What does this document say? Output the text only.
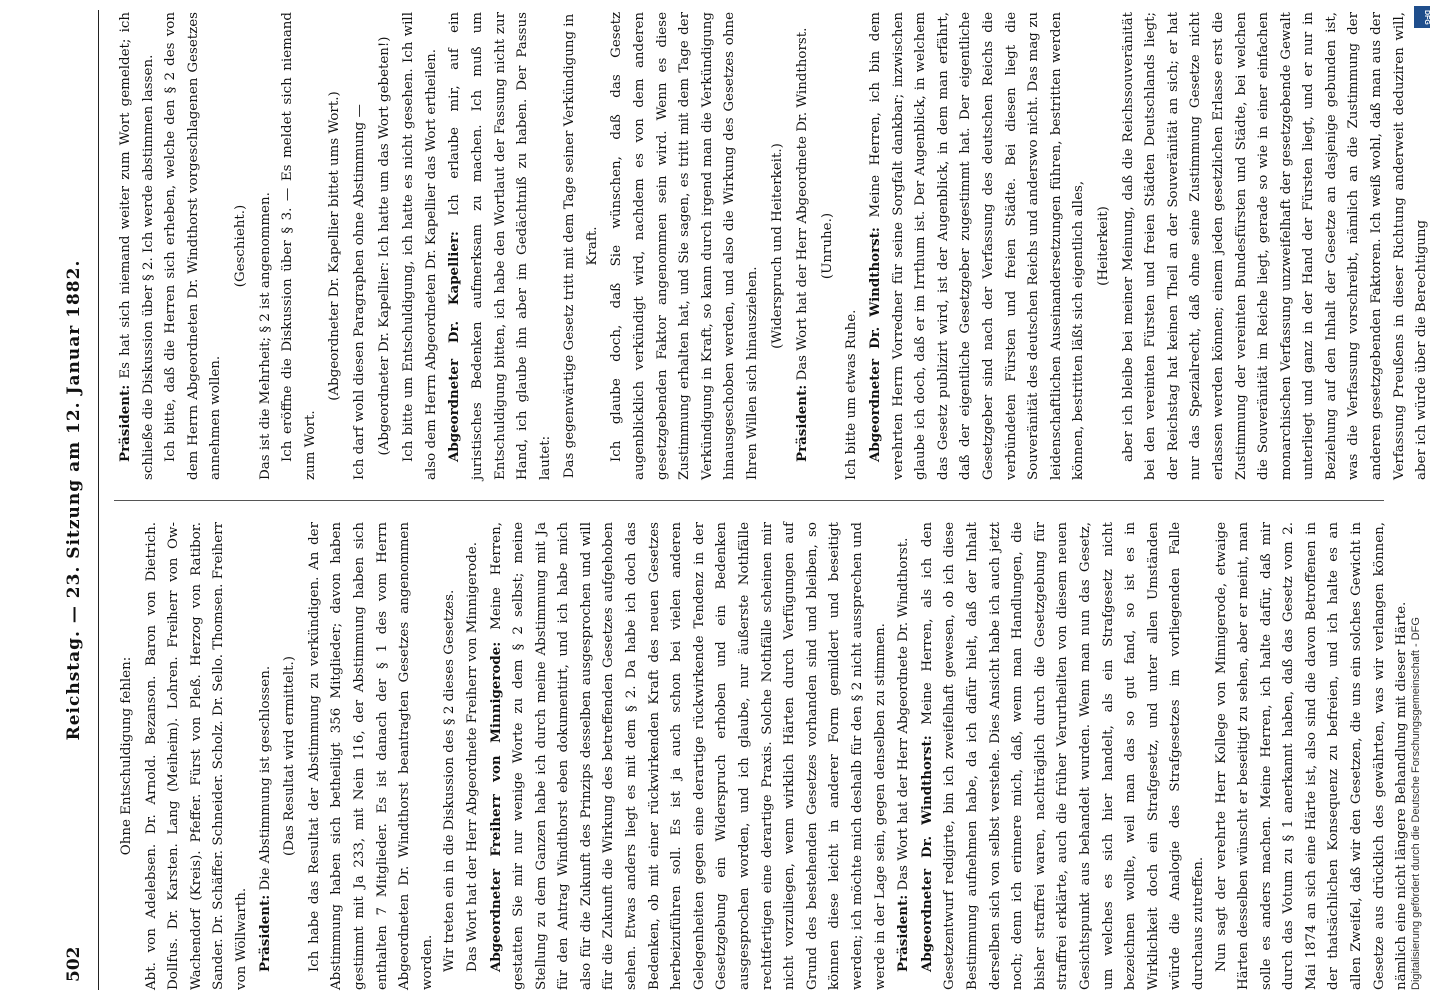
502
Reichstag. — 23. Sitzung am 12. Januar 1882.
Ohne Entschuldigung fehlen: Abt. von Adelebsen. Dr. Arnold. Bezanson. Baron von Dietrich. Dollfus. Dr. Karsten. Lang (Meiheim). Lohren. Freiherr von Ow-Wachendorf (Kreis). Pfeffer. Fürst von Pleß. Herzog von Ratibor. Sander. Dr. Schäffer. Schneider. Scholz. Dr. Sello. Thomsen. Freiherr von Wöllwarth. Präsident: Die Abstimmung ist geschlossen. (Das Resultat wird ermittelt.) Ich habe das Resultat der Abstimmung zu verkündigen. An der Abstimmung haben sich betheiligt 356 Mitglieder; davon haben gestimmt mit Ja 233, mit Nein 116, der Abstimmung haben sich enthalten 7 Mitglieder. Es ist danach der § 1 des vom Herrn Abgeordneten Dr. Windthorst beantragten Gesetzes angenommen worden. Wir treten ein in die Diskussion des § 2 dieses Gesetzes. Das Wort hat der Herr Abgeordnete Freiherr von Minnigerode. Abgeordneter Freiherr von Minnigerode: Meine Herren, gestatten Sie mir nur wenige Worte zu dem § 2 selbst; meine Stellung zu dem Ganzen habe ich durch meine Abstimmung mit Ja für den Antrag Windthorst eben dokumentirt, und ich habe mich also für die Zukunft des Prinzips desselben ausgesprochen und will für die Zukunft die Wirkung des betreffenden Gesetzes aufgehoben sehen. Etwas anders liegt es mit dem § 2. Da habe ich doch das Bedenken, ob mit einer rückwirkenden Kraft des neuen Gesetzes herbeizuführen soll. Es ist ja auch schon bei vielen anderen Gelegenheiten gegen eine derartige rückwirkende Tendenz in der Gesetzgebung ein Widerspruch erhoben und ein Bedenken ausgesprochen worden, und ich glaube, nur äußerste Nothfälle rechtfertigen eine derartige Praxis. Solche Nothfälle scheinen mir nicht vorzuliegen, wenn wirklich Härten durch Verfügungen auf Grund des bestehenden Gesetzes vorhanden sind und bleiben, so können diese leicht in anderer Form gemildert und beseitigt werden; ich möchte mich deshalb für den § 2 nicht aussprechen und werde in der Lage sein, gegen denselben zu stimmen. Präsident: Das Wort hat der Herr Abgeordnete Dr. Windthorst. Abgeordneter Dr. Windthorst: Meine Herren, als ich den Gesetzentwurf redigirte, bin ich zweifelhaft gewesen, ob ich diese Bestimmung aufnehmen habe, da ich dafür hielt, daß der Inhalt derselben sich von selbst verstehe. Dies Ansicht habe ich auch jetzt noch; denn ich erinnere mich, daß, wenn man Handlungen, die bisher straffrei waren, nachträglich durch die Gesetzgebung für straffrei erklärte, auch die früher Verurtheilten von diesem neuen Gesichtspunkt aus behandelt wurden. Wenn man nun das Gesetz, um welches es sich hier handelt, als ein Strafgesetz nicht bezeichnen wollte, weil man das so gut fand, so ist es in Wirklichkeit doch ein Strafgesetz, und unter allen Umständen würde die Analogie des Strafgesetzes im vorliegenden Falle durchaus zutreffen. Nun sagt der verehrte Herr Kollege von Minnigerode, etwaige Härten desselben wünscht er beseitigt zu sehen, aber er meint, man solle es anders machen. Meine Herren, ich halte dafür, daß mir durch das Votum zu § 1 anerkannt haben, daß das Gesetz vom 2. Mai 1874 an sich eine Härte ist, also sind die davon Betroffenen in der thatsächlichen Konsequenz zu befreien, und ich halte es an allen Zweifel, daß wir den Gesetzen, die uns ein solches Gewicht in Gesetze aus drücklich des gewährten, was wir verlangen können, nämlich eine nicht längere Behandlung mit dieser Härte.

Präsident: Es hat sich niemand weiter zum Wort gemeldet; ich schließe die Diskussion über § 2. Ich werde abstimmen lassen. Ich bitte, daß die Herren sich erheben, welche den § 2 des von dem Herrn Abgeordneten Dr. Windthorst vorgeschlagenen Gesetzes annehmen wollen.

(Geschieht.) Das ist die Mehrheit; § 2 ist angenommen. Ich eröffne die Diskussion über § 3. — Es meldet sich niemand zum Wort.

(Abgeordneter Dr. Kapellier bittet ums Wort.) Ich darf wohl diesen Paragraphen ohne Abstimmung — (Abgeordneter Dr. Kapellier: Ich hatte um das Wort gebeten!) Ich bitte um Entschuldigung, ich hatte es nicht gesehen. Ich will also dem Herrn Abgeordneten Dr. Kapellier das Wort ertheilen. Abgeordneter Dr. Kapellier: Ich erlaube mir, auf ein juristisches Bedenken aufmerksam zu machen. Ich muß um Entschuldigung bitten, ich habe den Wortlaut der Fassung nicht zur Hand, ich glaube ihn aber im Gedächtniß zu haben. Der Passus lautet: Das gegenwärtige Gesetz tritt mit dem Tage seiner Verkündigung in Kraft. Ich glaube doch, daß Sie wünschen, daß das Gesetz augenblicklich verkündigt wird, nachdem es von dem anderen gesetzgebenden Faktor angenommen sein wird. Wenn es diese Zustimmung erhalten hat, und Sie sagen, es tritt mit dem Tage der Verkündigung in Kraft, so kann durch irgend man die Verkündigung hinausgeschoben werden, und also die Wirkung des Gesetzes ohne Ihren Willen sich hinausziehen.

(Widerspruch und Heiterkeit.)

Präsident: Das Wort hat der Herr Abgeordnete Dr. Windthorst. (Unruhe.)

Ich bitte um etwas Ruhe. Abgeordneter Dr. Windthorst: Meine Herren, ich bin dem verehrten Herrn Vorredner für seine Sorgfalt dankbar; inzwischen glaube ich doch, daß er im Irrthum ist. Der Augenblick, in welchem das Gesetz publizirt wird, ist der Augenblick, in dem man erfährt, daß der eigentliche Gesetzgeber zugestimmt hat. Der eigentliche Gesetzgeber sind nach der Verfassung des deutschen Reichs die verbündeten Fürsten und freien Städte. Bei diesen liegt die Souveränität des deutschen Reichs und anderswo nicht. Das mag zu leidenschaftlichen Auseinandersetzungen führen, bestritten werden können, bestritten läßt sich eigentlich alles, (Heiterkeit) aber ich bleibe bei meiner Meinung, daß die Reichssouveränität bei den vereinten Fürsten und freien Städten Deutschlands liegt; der Reichstag hat keinen Theil an der Souveränität an sich; er hat nur das Spezialrecht, daß ohne seine Zustimmung Gesetze nicht erlassen werden können; einem jeden gesetzlichen Erlasse erst die Zustimmung der vereinten Bundesfürsten und Städte, bei welchen die Souveränität im Reiche liegt, gerade so wie in einer einfachen monarchischen Verfassung unzweifelhaft der gesetzgebende Gewalt unterliegt und ganz in der Hand der Fürsten liegt, und er nur in Beziehung auf den Inhalt der Gesetze an dasjenige gebunden ist, was die Verfassung vorschreibt, nämlich an die Zustimmung der anderen gesetzgebenden Faktoren. Ich weiß wohl, daß man aus der Verfassung Preußens in dieser Richtung anderweit deduziren will, aber ich würde über die Berechtigung

Digitalisierung gefördert durch die Deutsche Forschungsgemeinschaft - DFG
DFG
